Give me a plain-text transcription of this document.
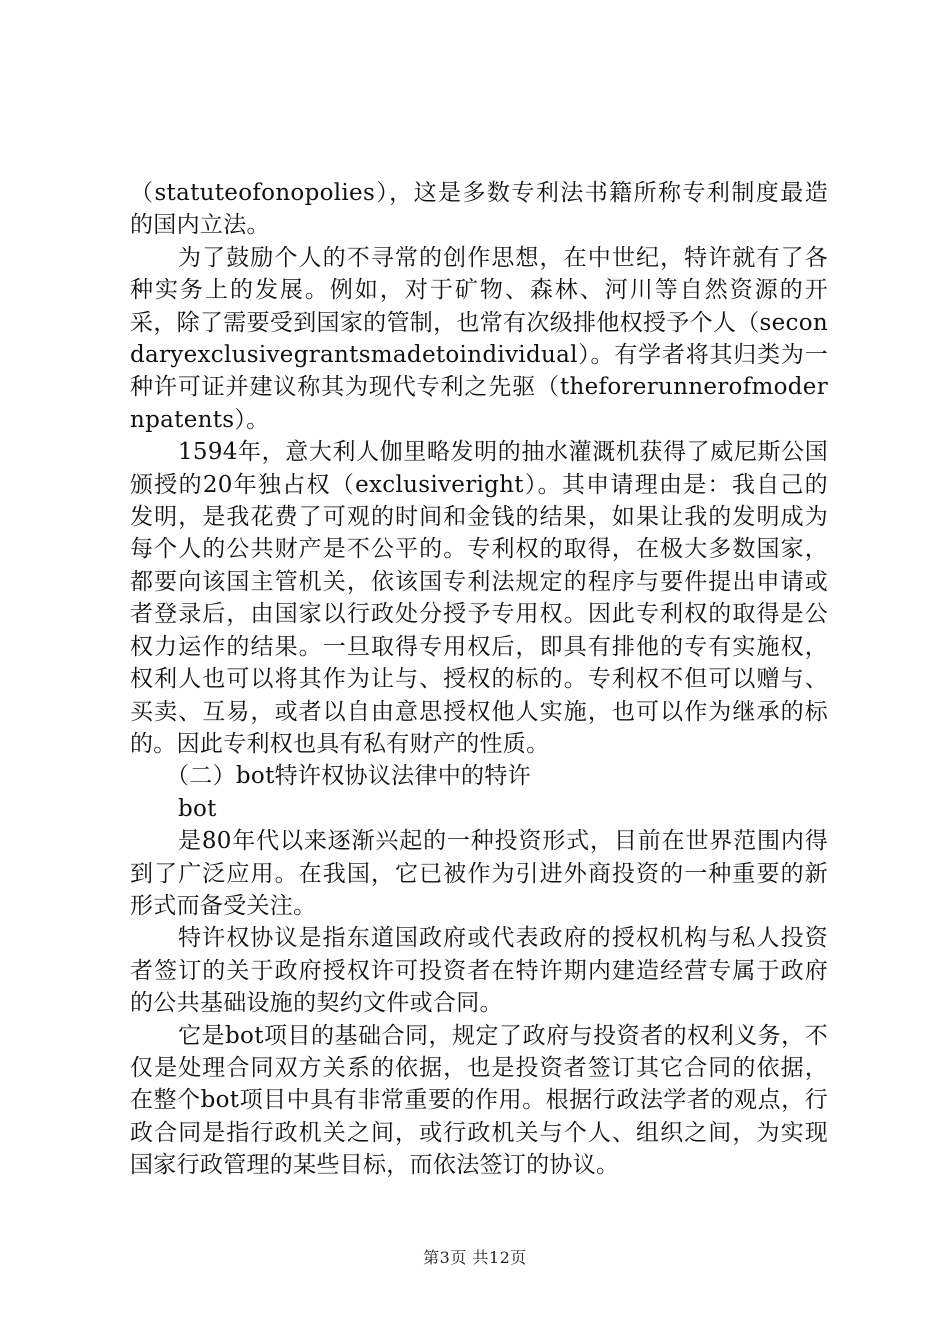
（statuteofonopolies），这是多数专利法书籍所称专利制度最造的国内立法。

为了鼓励个人的不寻常的创作思想，在中世纪，特许就有了各种实务上的发展。例如，对于矿物、森林、河川等自然资源的开采，除了需要受到国家的管制，也常有次级排他权授予个人（secondaryexclusivegrantsmadetoindividual）。有学者将其归类为一种许可证并建议称其为现代专利之先驱（theforerunnerofmodernpatents）。

1594年，意大利人伽里略发明的抽水灌溉机获得了威尼斯公国颁授的20年独占权（exclusiveright）。其申请理由是：我自己的发明，是我花费了可观的时间和金钱的结果，如果让我的发明成为每个人的公共财产是不公平的。专利权的取得，在极大多数国家，都要向该国主管机关，依该国专利法规定的程序与要件提出申请或者登录后，由国家以行政处分授予专用权。因此专利权的取得是公权力运作的结果。一旦取得专用权后，即具有排他的专有实施权，权利人也可以将其作为让与、授权的标的。专利权不但可以赠与、买卖、互易，或者以自由意思授权他人实施，也可以作为继承的标的。因此专利权也具有私有财产的性质。

（二）bot特许权协议法律中的特许

bot

是80年代以来逐渐兴起的一种投资形式，目前在世界范围内得到了广泛应用。在我国，它已被作为引进外商投资的一种重要的新形式而备受关注。

特许权协议是指东道国政府或代表政府的授权机构与私人投资者签订的关于政府授权许可投资者在特许期内建造经营专属于政府的公共基础设施的契约文件或合同。

它是bot项目的基础合同，规定了政府与投资者的权利义务，不仅是处理合同双方关系的依据，也是投资者签订其它合同的依据，在整个bot项目中具有非常重要的作用。根据行政法学者的观点，行政合同是指行政机关之间，或行政机关与个人、组织之间，为实现国家行政管理的某些目标，而依法签订的协议。

第3页 共12页
